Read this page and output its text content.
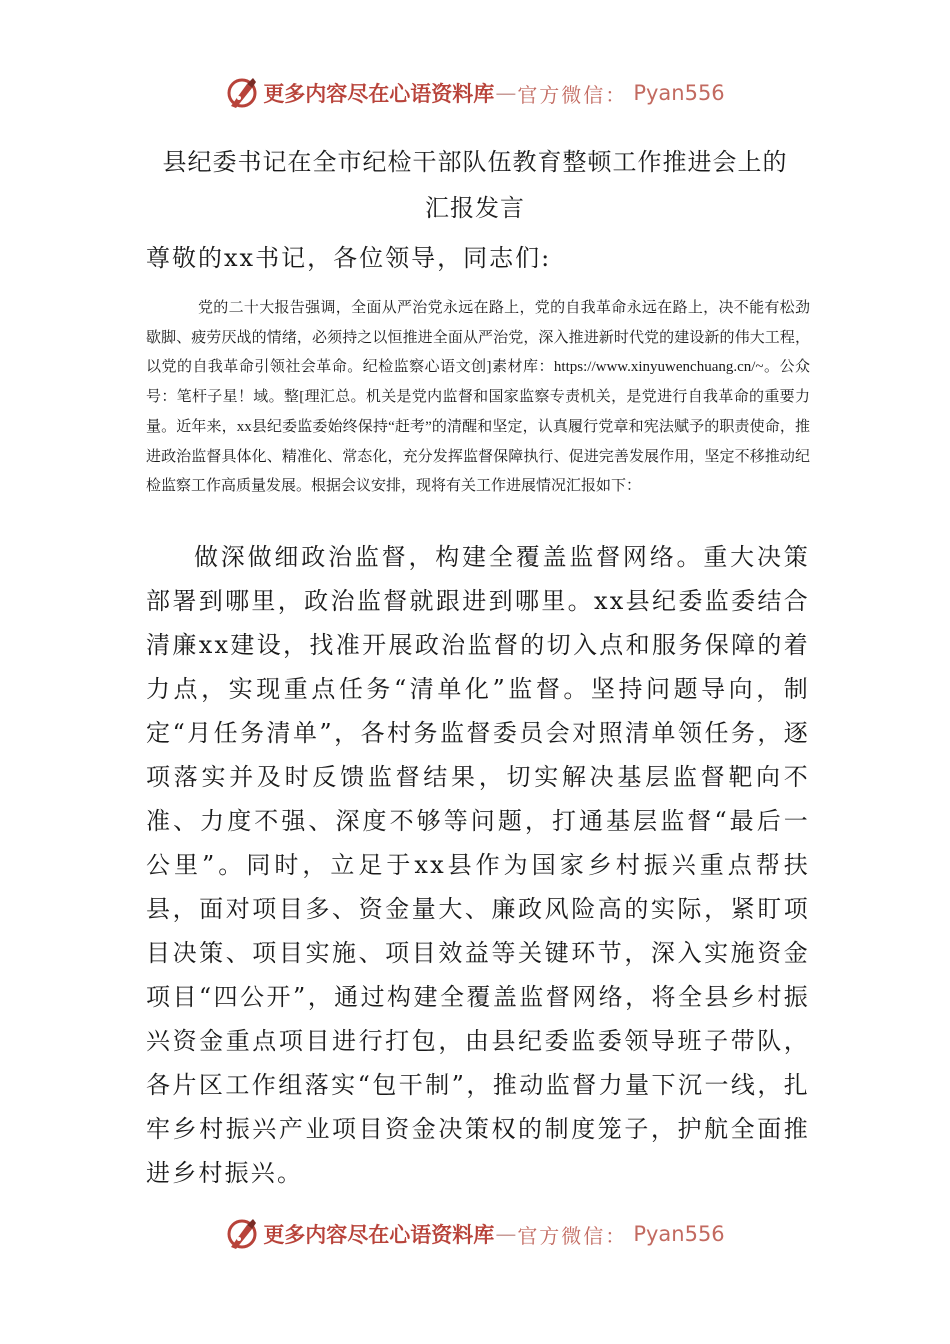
更多内容尽在心语资料库 — 官方微信： Pyan556
县纪委书记在全市纪检干部队伍教育整顿工作推进会上的
汇报发言
尊敬的xx书记，各位领导，同志们:

党的二十大报告强调，全面从严治党永远在路上，党的自我革命永远在路上，决不能有松劲歇脚、疲劳厌战的情绪，必须持之以恒推进全面从严治党，深入推进新时代党的建设新的伟大工程，以党的自我革命引领社会革命。纪检监察心语文创]素材库：https://www.xinyuwenchuang.cn/~。公众号：笔杆子星！域。整[理汇总。机关是党内监督和国家监察专责机关，是党进行自我革命的重要力量。近年来，xx县纪委监委始终保持“赶考”的清醒和坚定，认真履行党章和宪法赋予的职责使命，推进政治监督具体化、精准化、常态化，充分发挥监督保障执行、促进完善发展作用，坚定不移推动纪检监察工作高质量发展。根据会议安排，现将有关工作进展情况汇报如下：

做深做细政治监督，构建全覆盖监督网络。重大决策部署到哪里，政治监督就跟进到哪里。xx县纪委监委结合清廉xx建设，找准开展政治监督的切入点和服务保障的着力点，实现重点任务“清单化”监督。坚持问题导向，制定“月任务清单”，各村务监督委员会对照清单领任务，逐项落实并及时反馈监督结果，切实解决基层监督靶向不准、力度不强、深度不够等问题，打通基层监督“最后一公里”。同时，立足于xx县作为国家乡村振兴重点帮扶县，面对项目多、资金量大、廉政风险高的实际，紧盯项目决策、项目实施、项目效益等关键环节，深入实施资金项目“四公开”，通过构建全覆盖监督网络，将全县乡村振兴资金重点项目进行打包，由县纪委监委领导班子带队，各片区工作组落实“包干制”，推动监督力量下沉一线，扎牢乡村振兴产业项目资金决策权的制度笼子，护航全面推进乡村振兴。

更多内容尽在心语资料库 — 官方微信： Pyan556
